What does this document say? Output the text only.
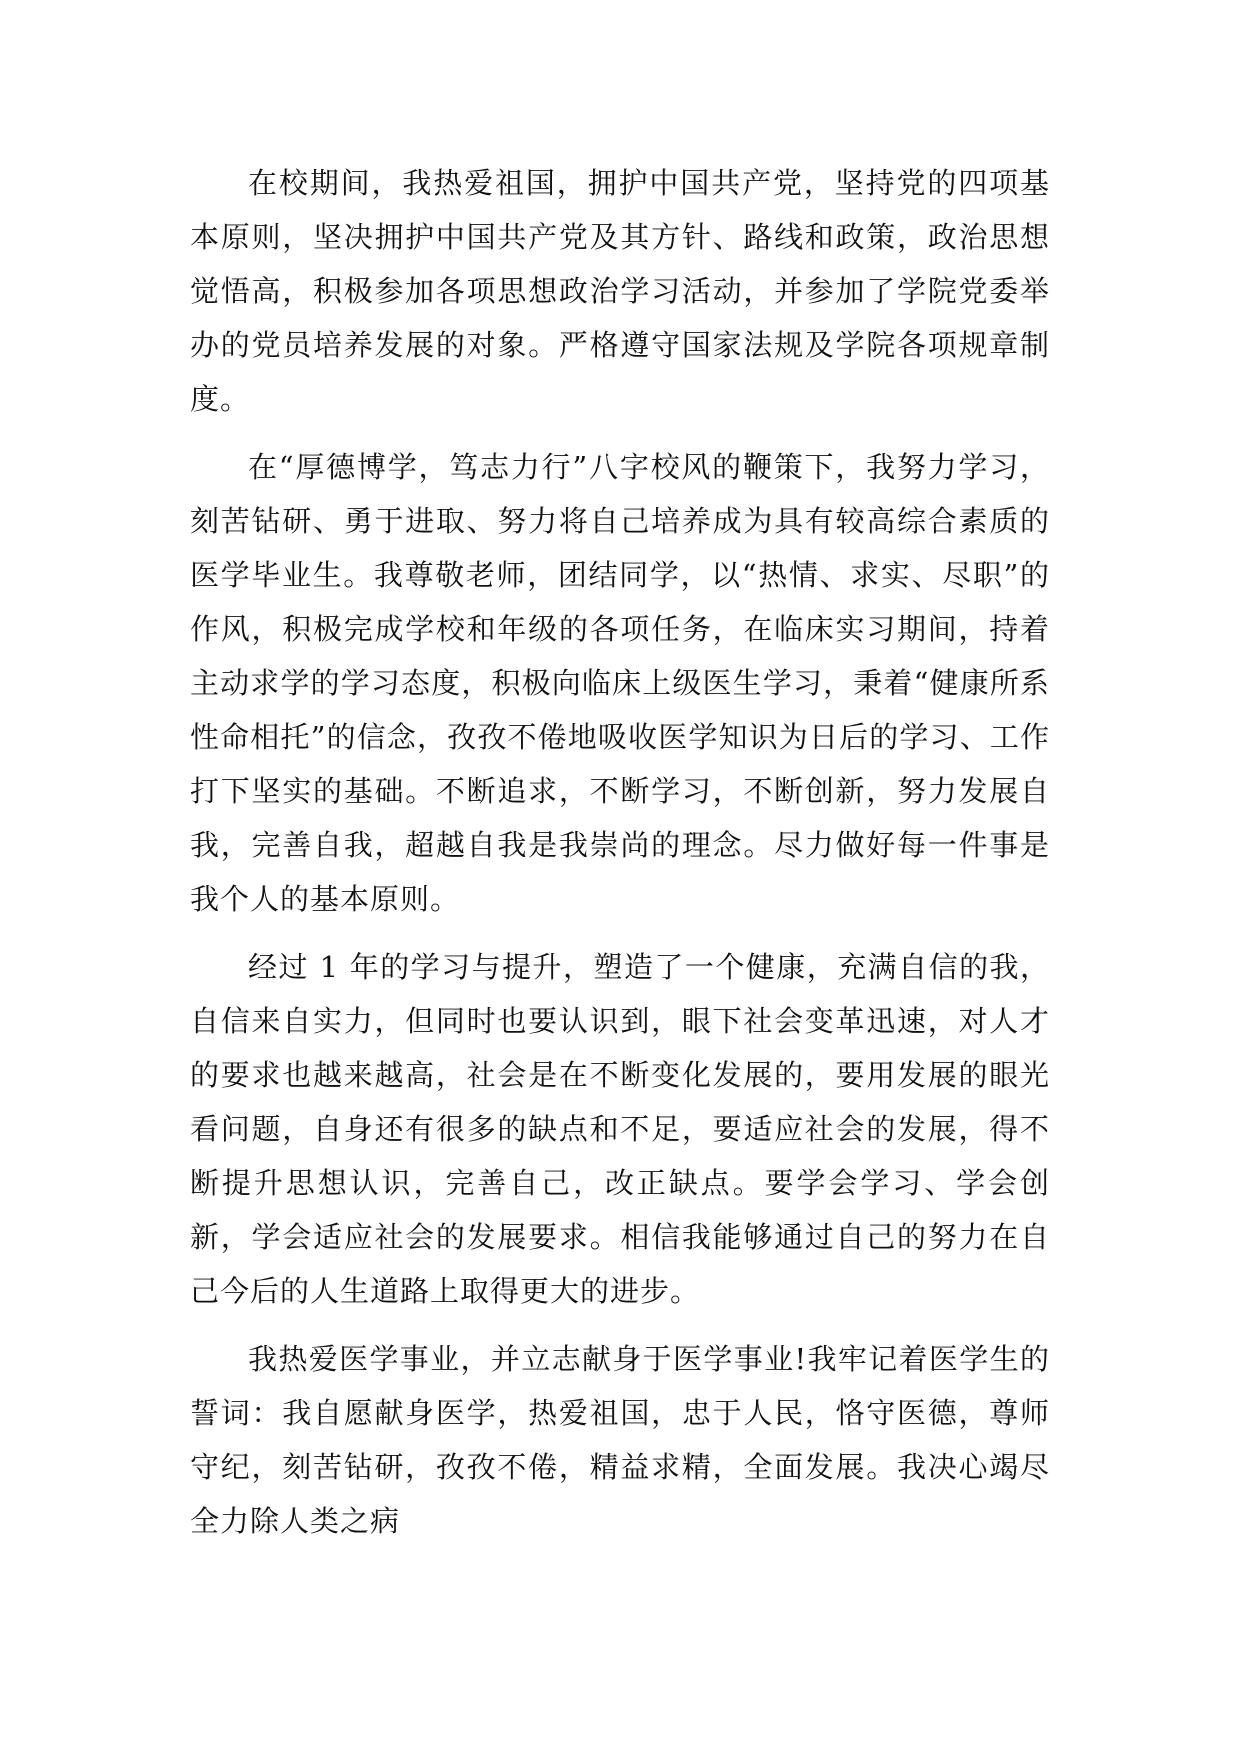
在校期间，我热爱祖国，拥护中国共产党，坚持党的四项基本原则，坚决拥护中国共产党及其方针、路线和政策，政治思想觉悟高，积极参加各项思想政治学习活动，并参加了学院党委举办的党员培养发展的对象。严格遵守国家法规及学院各项规章制度。

在“厚德博学，笃志力行”八字校风的鞭策下，我努力学习，刻苦钻研、勇于进取、努力将自己培养成为具有较高综合素质的医学毕业生。我尊敬老师，团结同学，以“热情、求实、尽职”的作风，积极完成学校和年级的各项任务，在临床实习期间，持着主动求学的学习态度，积极向临床上级医生学习，秉着“健康所系性命相托”的信念，孜孜不倦地吸收医学知识为日后的学习、工作打下坚实的基础。不断追求，不断学习，不断创新，努力发展自我，完善自我，超越自我是我崇尚的理念。尽力做好每一件事是我个人的基本原则。

经过 1 年的学习与提升，塑造了一个健康，充满自信的我，自信来自实力，但同时也要认识到，眼下社会变革迅速，对人才的要求也越来越高，社会是在不断变化发展的，要用发展的眼光看问题，自身还有很多的缺点和不足，要适应社会的发展，得不断提升思想认识，完善自己，改正缺点。要学会学习、学会创新，学会适应社会的发展要求。相信我能够通过自己的努力在自己今后的人生道路上取得更大的进步。

我热爱医学事业，并立志献身于医学事业!我牢记着医学生的誓词：我自愿献身医学，热爱祖国，忠于人民，恪守医德，尊师守纪，刻苦钻研，孜孜不倦，精益求精，全面发展。我决心竭尽全力除人类之病
